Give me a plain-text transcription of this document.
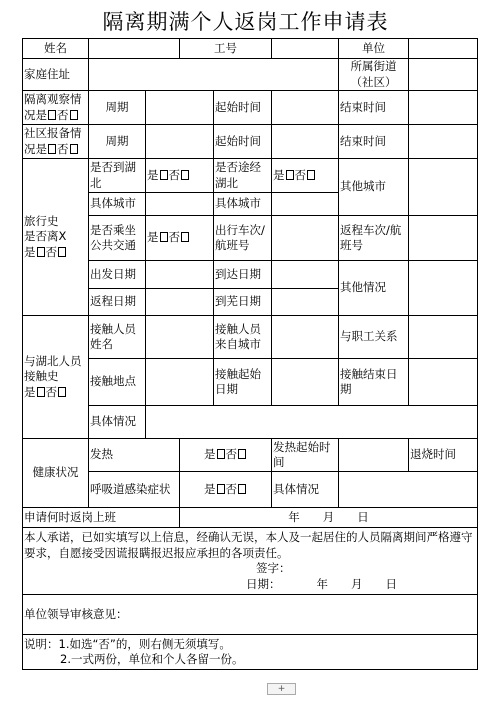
隔离期满个人返岗工作申请表
姓名			工号			单位		
家庭住址						所属街道
（社区）		
隔离观察情
况是 否	周期			起始时间		结束时间		
社区报备情
况是 否	周期			起始时间		结束时间		
旅行史
是否离X
是 否	是否到湖北	是 否		是否途经湖北	是 否	其他城市		
	具体城市			具体城市				
	是否乘坐公共交通	是 否		出行车次/航班号		返程车次/航班号		
	出发日期			到达日期		其他情况		
	返程日期			到芜日期				
与湖北人员
接触史
是 否	接触人员姓名			接触人员来自城市		与职工关系		
	接触地点			接触起始日期		接触结束日期		
	具体情况							
健康状况	发热		是 否		发热起始时间		退烧时间	
	呼吸道感染症状		是 否		具体情况			
申请何时返岗上班			年　　月　　日					

本人承诺，已如实填写以上信息，经确认无误，本人及一起居住的人员隔离期间严格遵守要求，自愿接受因谎报瞒报迟报应承担的各项责任。
签字：
日期： 年　　月　　日								

单位领导审核意见：								

说明：1.如选“否”的，则右侧无须填写。
2.一式两份，单位和个人各留一份。								
+
